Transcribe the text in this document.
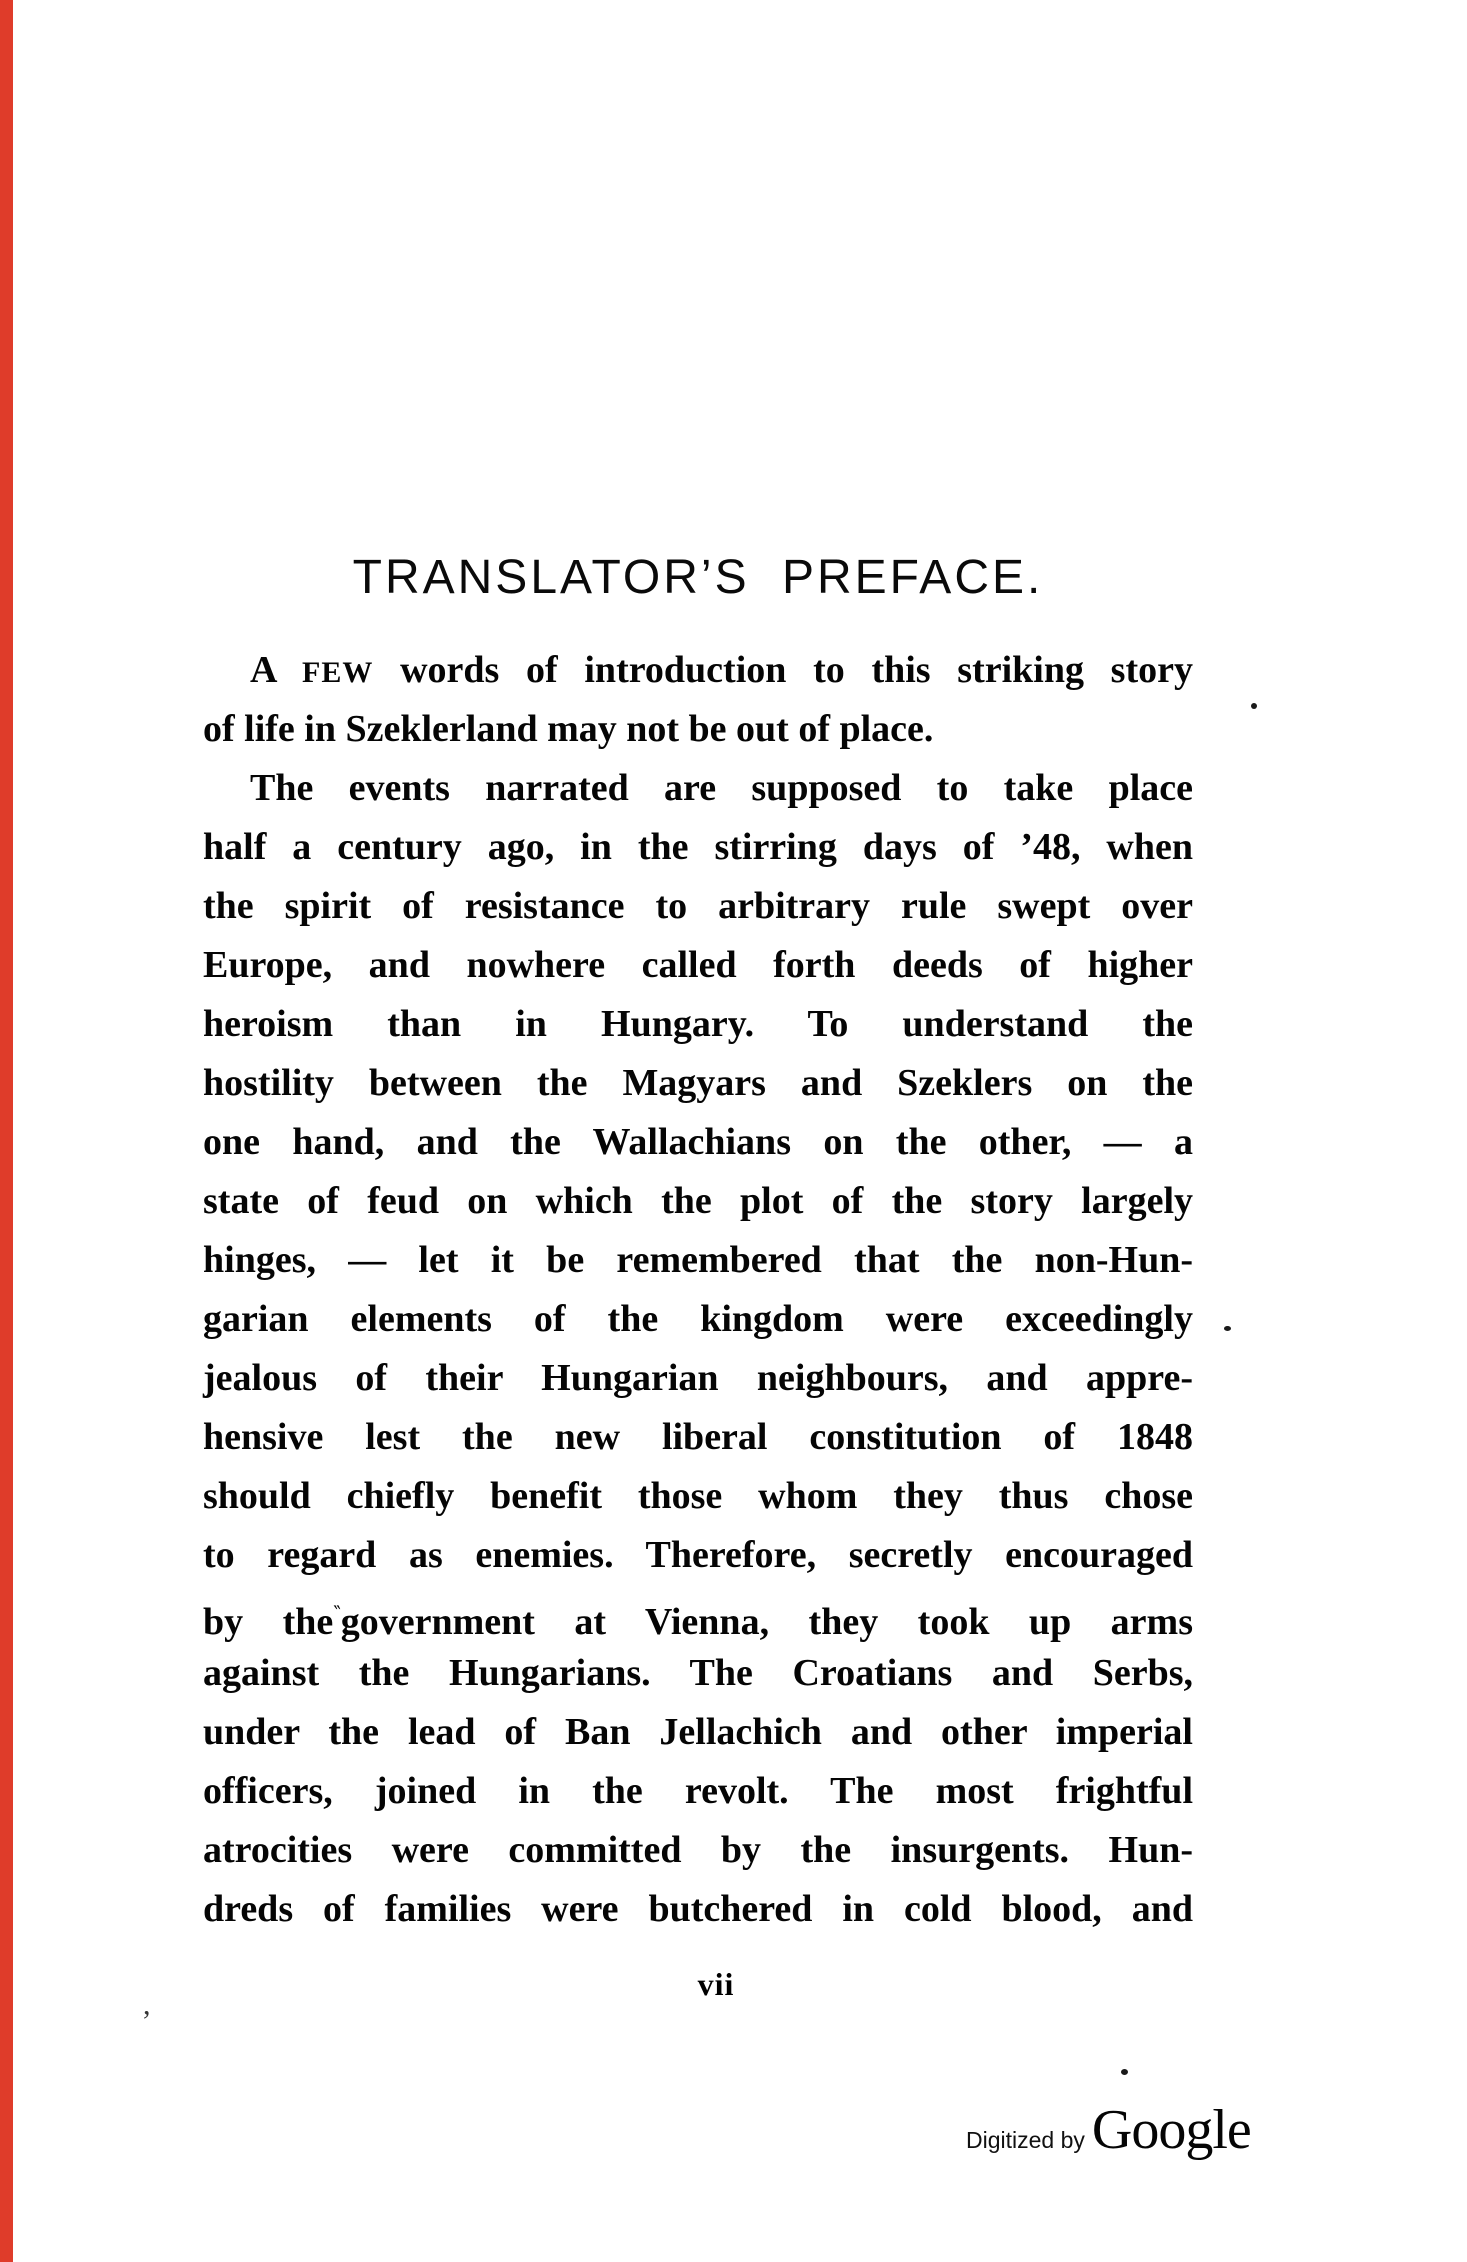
TRANSLATOR’S PREFACE.
A FEW words of introduction to this striking story
of life in Szeklerland may not be out of place.
The events narrated are supposed to take place
half a century ago, in the stirring days of ’48, when
the spirit of resistance to arbitrary rule swept over
Europe, and nowhere called forth deeds of higher
heroism than in Hungary. To understand the
hostility between the Magyars and Szeklers on the
one hand, and the Wallachians on the other, — a
state of feud on which the plot of the story largely
hinges, — let it be remembered that the non-Hun-
garian elements of the kingdom were exceedingly
jealous of their Hungarian neighbours, and appre-
hensive lest the new liberal constitution of 1848
should chiefly benefit those whom they thus chose
to regard as enemies. Therefore, secretly encouraged
by the‶government at Vienna, they took up arms
against the Hungarians. The Croatians and Serbs,
under the lead of Ban Jellachich and other imperial
officers, joined in the revolt. The most frightful
atrocities were committed by the insurgents. Hun-
dreds of families were butchered in cold blood, and
vii
Digitized by Google
,
